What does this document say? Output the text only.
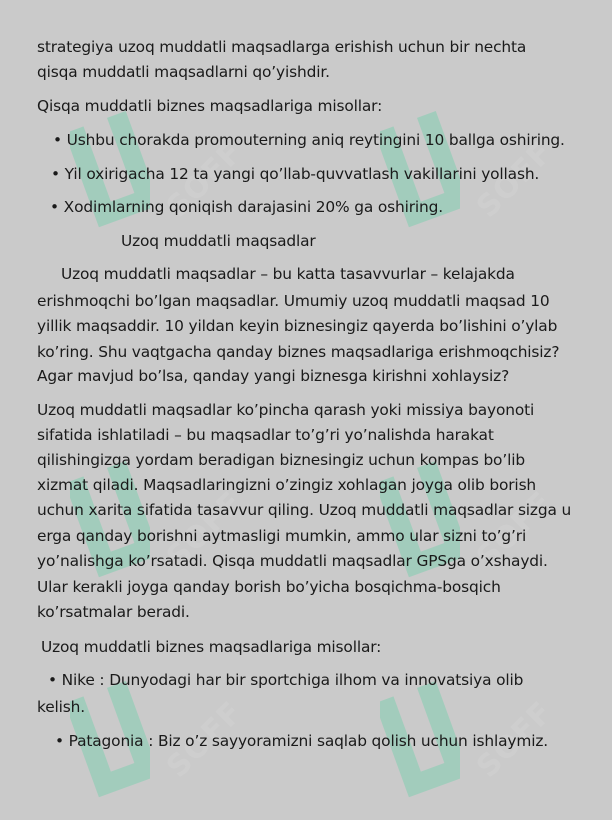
SOFF	SOFF
SOFF	SOFF
SOFF	SOFF
strategiya uzoq muddatli maqsadlarga erishish uchun bir nechta
qisqa muddatli maqsadlarni qo’yishdir.
Qisqa muddatli biznes maqsadlariga misollar:
• Ushbu chorakda promouterning aniq reytingini 10 ballga oshiring.
• Yil oxirigacha 12 ta yangi qo’llab-quvvatlash vakillarini yollash.
• Xodimlarning qoniqish darajasini 20% ga oshiring.
Uzoq muddatli maqsadlar
Uzoq muddatli maqsadlar – bu katta tasavvurlar – kelajakda
erishmoqchi bo’lgan maqsadlar. Umumiy uzoq muddatli maqsad 10
yillik maqsaddir. 10 yildan keyin biznesingiz qayerda bo’lishini o’ylab
ko’ring. Shu vaqtgacha qanday biznes maqsadlariga erishmoqchisiz?
Agar mavjud bo’lsa, qanday yangi biznesga kirishni xohlaysiz?
Uzoq muddatli maqsadlar ko’pincha qarash yoki missiya bayonoti
sifatida ishlatiladi – bu maqsadlar to’g’ri yo’nalishda harakat
qilishingizga yordam beradigan biznesingiz uchun kompas bo’lib
xizmat qiladi. Maqsadlaringizni o’zingiz xohlagan joyga olib borish
uchun xarita sifatida tasavvur qiling. Uzoq muddatli maqsadlar sizga u
erga qanday borishni aytmasligi mumkin, ammo ular sizni to’g’ri
yo’nalishga ko’rsatadi. Qisqa muddatli maqsadlar GPSga o’xshaydi.
Ular kerakli joyga qanday borish bo’yicha bosqichma-bosqich
ko’rsatmalar beradi.
Uzoq muddatli biznes maqsadlariga misollar:
• Nike : Dunyodagi har bir sportchiga ilhom va innovatsiya olib
kelish.
• Patagonia : Biz o’z sayyoramizni saqlab qolish uchun ishlaymiz.
